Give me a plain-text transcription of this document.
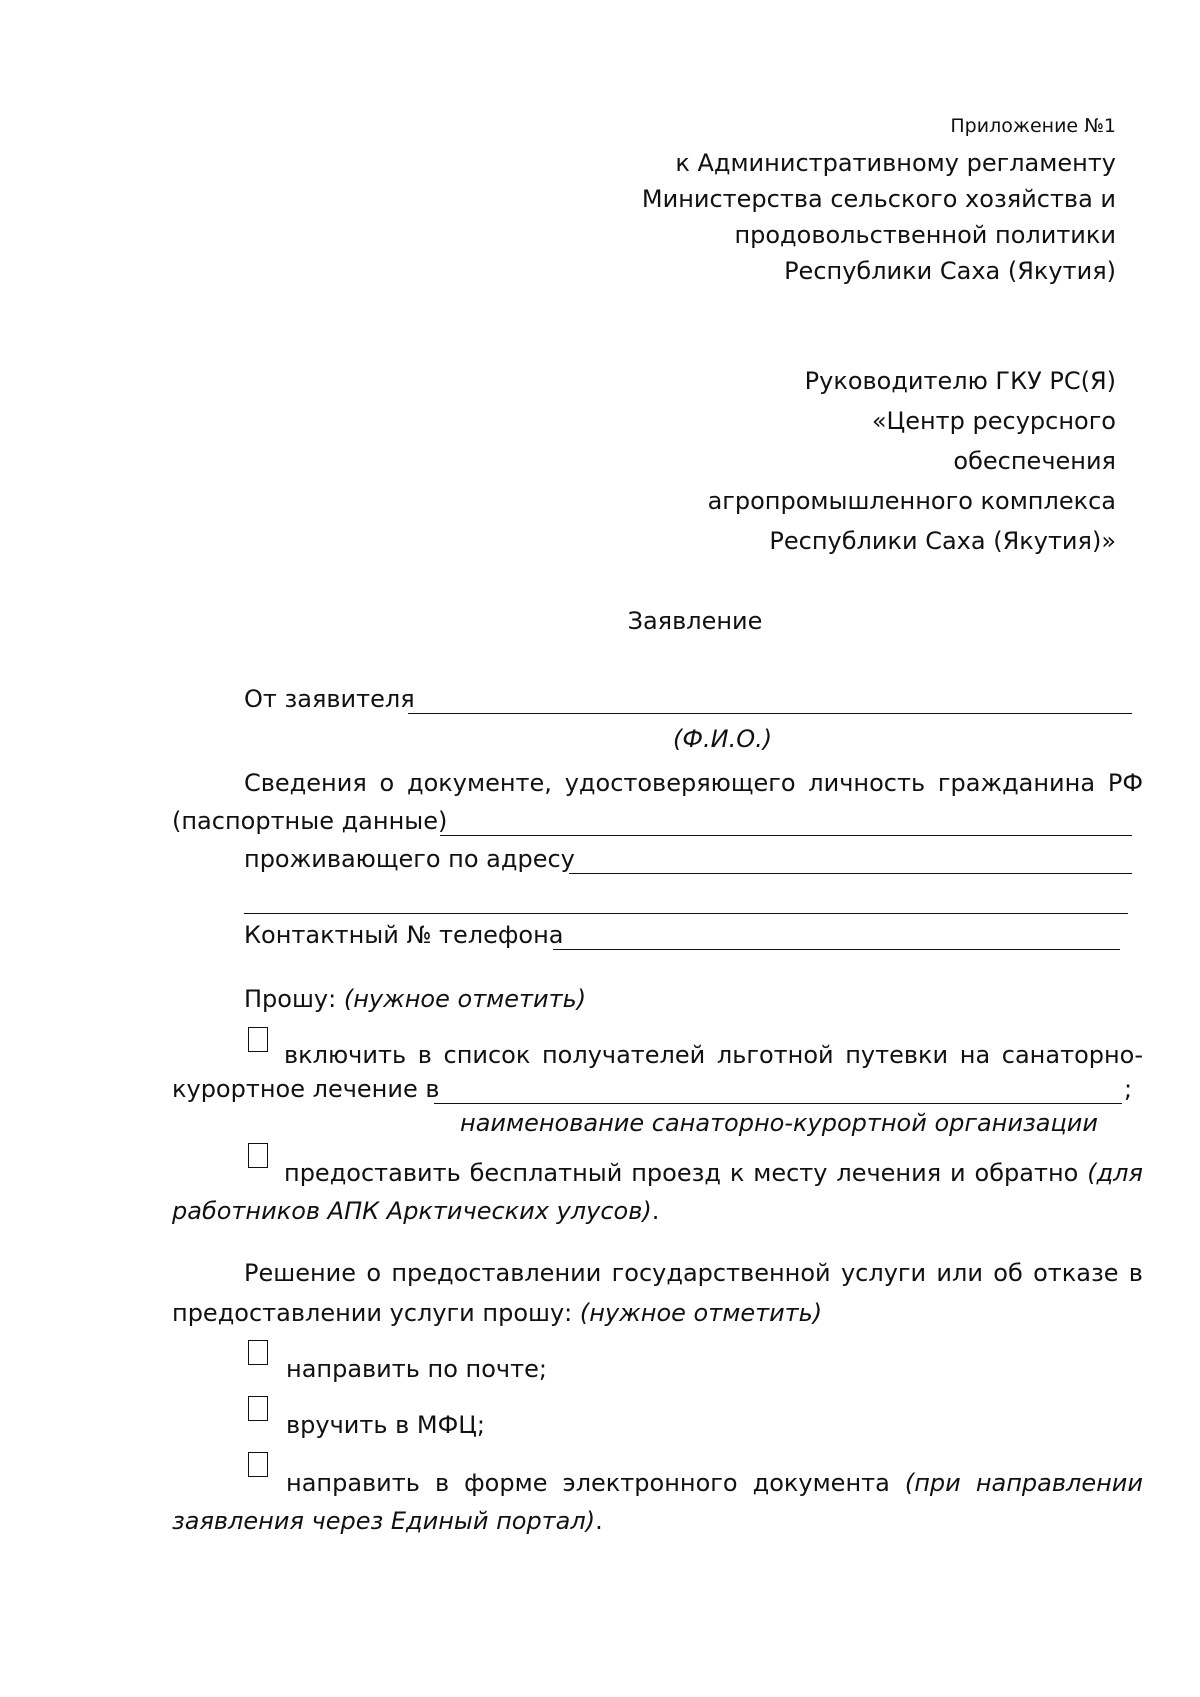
Приложение №1
к Административному регламенту
Министерства сельского хозяйства и
продовольственной политики
Республики Саха (Якутия)
Руководителю ГКУ РС(Я)
«Центр ресурсного
обеспечения
агропромышленного комплекса
Республики Саха (Якутия)»
Заявление
От заявителя
(Ф.И.О.)
Сведения о документе, удостоверяющего личность гражданина РФ
(паспортные данные)
проживающего по адресу
Контактный № телефона
Прошу: (нужное отметить)
включить в список получателей льготной путевки на санаторно-
курортное лечение в	;
наименование санаторно-курортной организации
предоставить бесплатный проезд к месту лечения и обратно (для
работников АПК Арктических улусов).
Решение о предоставлении государственной услуги или об отказе в
предоставлении услуги прошу: (нужное отметить)
направить по почте;
вручить в МФЦ;
направить в форме электронного документа (при направлении
заявления через Единый портал).
